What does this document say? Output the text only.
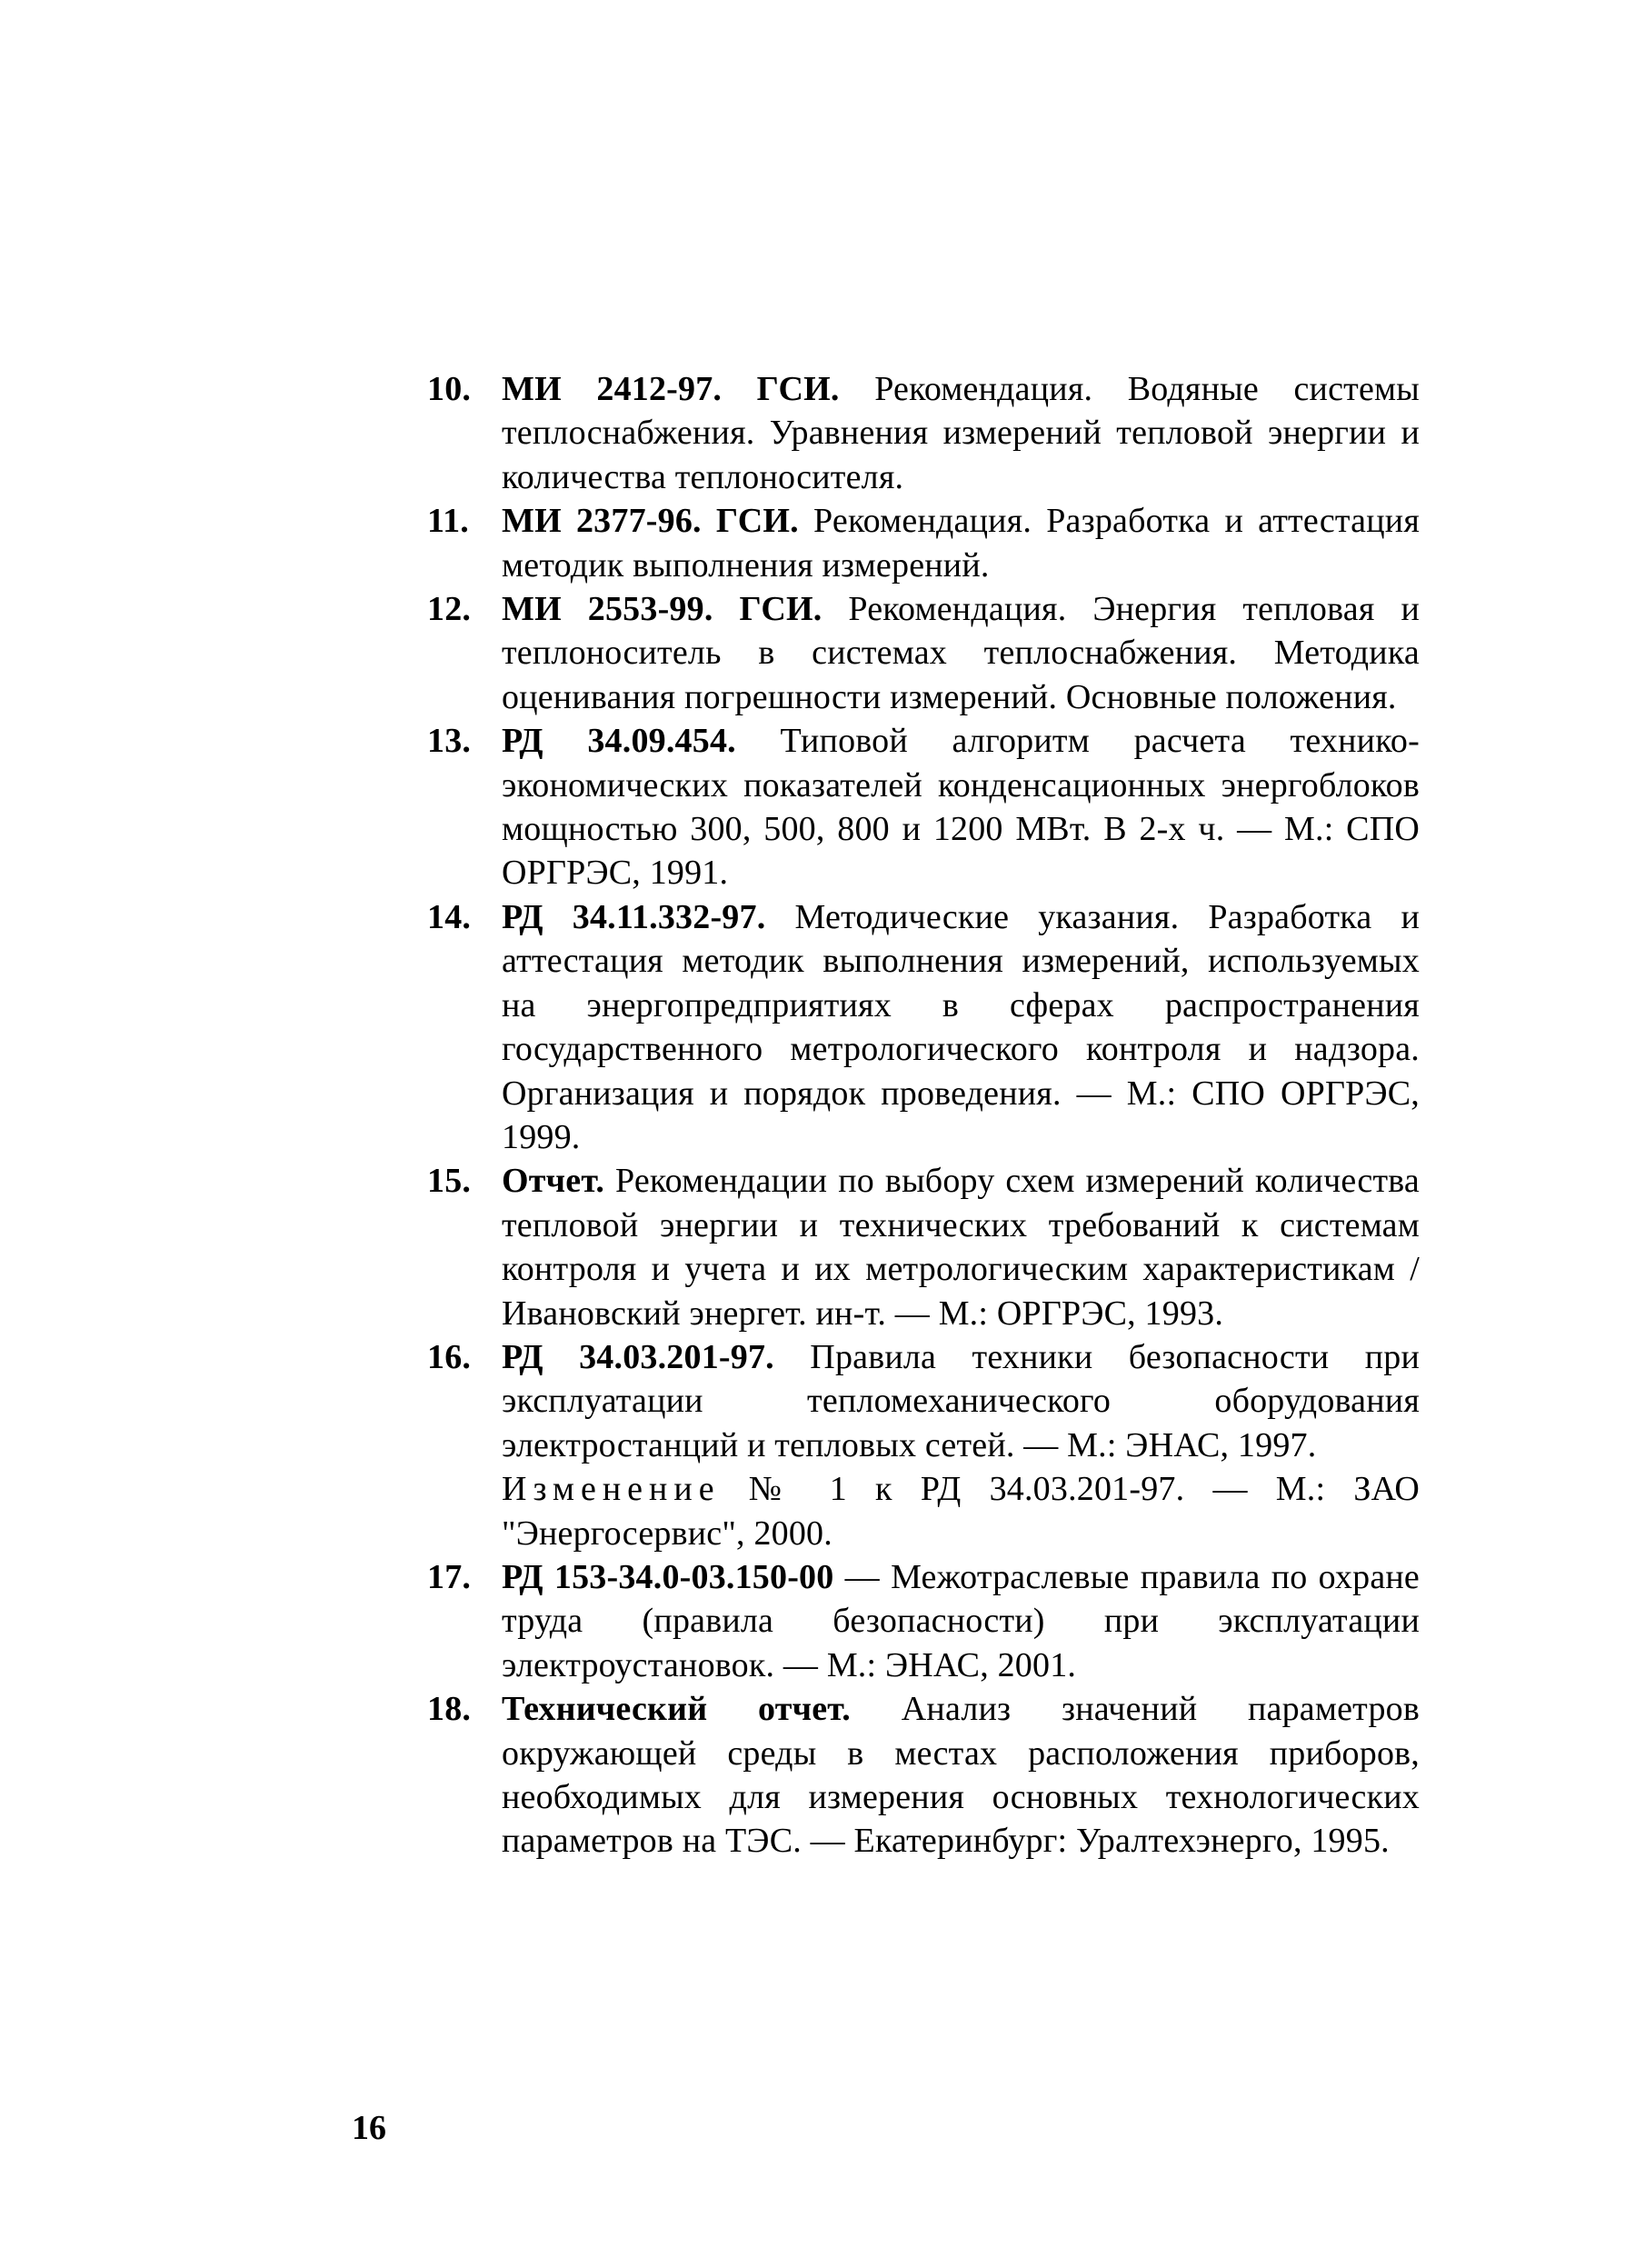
10. МИ 2412-97. ГСИ. Рекомендация. Водяные системы теплоснабжения. Уравнения измерений тепловой энергии и количества теплоносителя.
11. МИ 2377-96. ГСИ. Рекомендация. Разработка и аттестация методик выполнения измерений.
12. МИ 2553-99. ГСИ. Рекомендация. Энергия тепловая и теплоноситель в системах теплоснабжения. Методика оценивания погрешности измерений. Основные положения.
13. РД 34.09.454. Типовой алгоритм расчета технико-экономических показателей конденсационных энергоблоков мощностью 300, 500, 800 и 1200 МВт. В 2-х ч. — М.: СПО ОРГРЭС, 1991.
14. РД 34.11.332-97. Методические указания. Разработка и аттестация методик выполнения измерений, используемых на энергопредприятиях в сферах распространения государственного метрологического контроля и надзора. Организация и порядок проведения. — М.: СПО ОРГРЭС, 1999.
15. Отчет. Рекомендации по выбору схем измерений количества тепловой энергии и технических требований к системам контроля и учета и их метрологическим характеристикам / Ивановский энергет. ин-т. — М.: ОРГРЭС, 1993.
16. РД 34.03.201-97. Правила техники безопасности при эксплуатации тепломеханического оборудования электростанций и тепловых сетей. — М.: ЭНАС, 1997.
Изменение № 1 к РД 34.03.201-97. — М.: ЗАО "Энергосервис", 2000.
17. РД 153-34.0-03.150-00 — Межотраслевые правила по охране труда (правила безопасности) при эксплуатации электроустановок. — М.: ЭНАС, 2001.
18. Технический отчет. Анализ значений параметров окружающей среды в местах расположения приборов, необходимых для измерения основных технологических параметров на ТЭС. — Екатеринбург: Уралтехэнерго, 1995.
16
